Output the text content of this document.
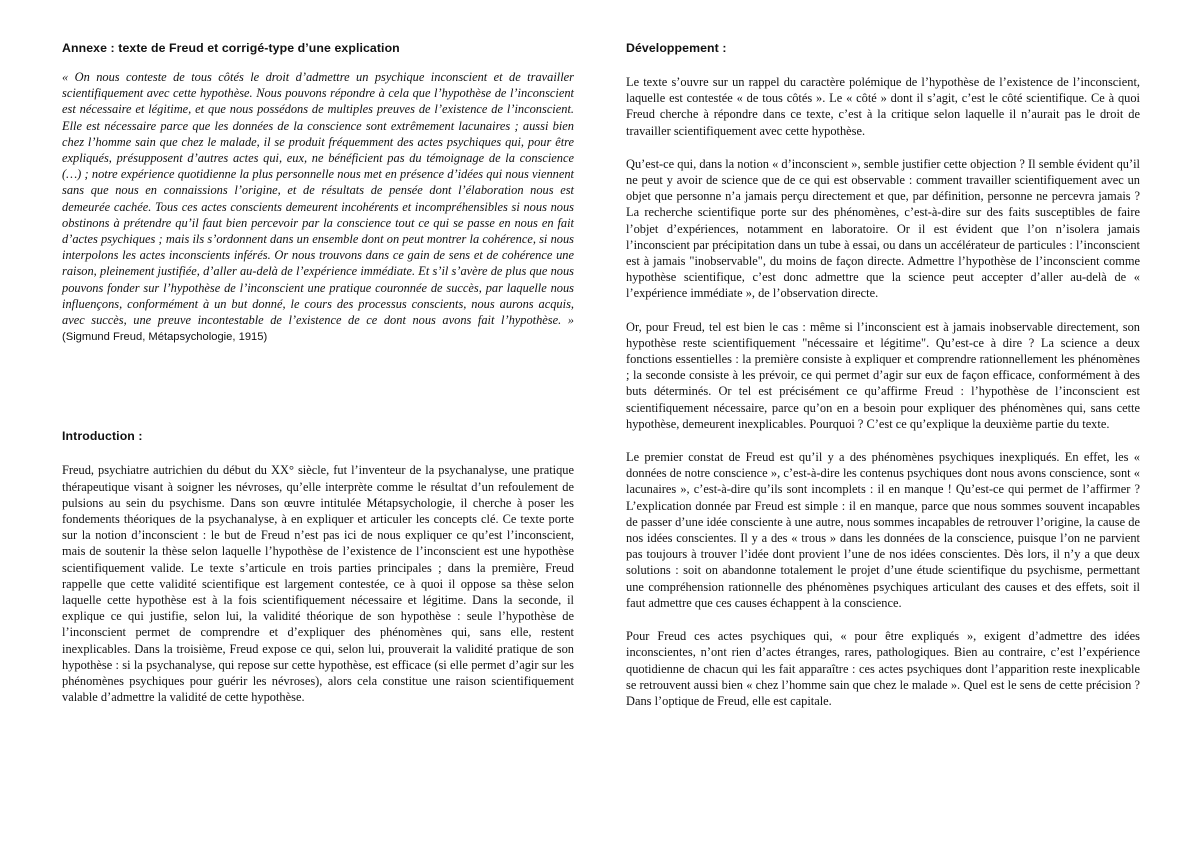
Annexe : texte de Freud et corrigé-type d’une explication

« On nous conteste de tous côtés le droit d’admettre un psychique inconscient et de travailler scientifiquement avec cette hypothèse. Nous pouvons répondre à cela que l’hypothèse de l’inconscient est nécessaire et légitime, et que nous possédons de multiples preuves de l’existence de l’inconscient. Elle est nécessaire parce que les données de la conscience sont extrêmement lacunaires ; aussi bien chez l’homme sain que chez le malade, il se produit fréquemment des actes psychiques qui, pour être expliqués, présupposent d’autres actes qui, eux, ne bénéficient pas du témoignage de la conscience (…) ; notre expérience quotidienne la plus personnelle nous met en présence d’idées qui nous viennent sans que nous en connaissions l’origine, et de résultats de pensée dont l’élaboration nous est demeurée cachée. Tous ces actes conscients demeurent incohérents et incompréhensibles si nous nous obstinons à prétendre qu’il faut bien percevoir par la conscience tout ce qui se passe en nous en fait d’actes psychiques ; mais ils s’ordonnent dans un ensemble dont on peut montrer la cohérence, si nous interpolons les actes inconscients inférés. Or nous trouvons dans ce gain de sens et de cohérence une raison, pleinement justifiée, d’aller au-delà de l’expérience immédiate. Et s’il s’avère de plus que nous pouvons fonder sur l’hypothèse de l’inconscient une pratique couronnée de succès, par laquelle nous influençons, conformément à un but donné, le cours des processus conscients, nous aurons acquis, avec succès, une preuve incontestable de l’existence de ce dont nous avons fait l’hypothèse. » (Sigmund Freud, Métapsychologie, 1915)

Introduction :

Freud, psychiatre autrichien du début du XX° siècle, fut l’inventeur de la psychanalyse, une pratique thérapeutique visant à soigner les névroses, qu’elle interprète comme le résultat d’un refoulement de pulsions au sein du psychisme. Dans son œuvre intitulée Métapsychologie, il cherche à poser les fondements théoriques de la psychanalyse, à en expliquer et articuler les concepts clé. Ce texte porte sur la notion d’inconscient : le but de Freud n’est pas ici de nous expliquer ce qu’est l’inconscient, mais de soutenir la thèse selon laquelle l’hypothèse de l’existence de l’inconscient est une hypothèse scientifiquement valide. Le texte s’articule en trois parties principales ; dans la première, Freud rappelle que cette validité scientifique est largement contestée, ce à quoi il oppose sa thèse selon laquelle cette hypothèse est à la fois scientifiquement nécessaire et légitime. Dans la seconde, il explique ce qui justifie, selon lui, la validité théorique de son hypothèse : seule l’hypothèse de l’inconscient permet de comprendre et d’expliquer des phénomènes qui, sans elle, restent inexplicables. Dans la troisième, Freud expose ce qui, selon lui, prouverait la validité pratique de son hypothèse : si la psychanalyse, qui repose sur cette hypothèse, est efficace (si elle permet d’agir sur les phénomènes psychiques pour guérir les névroses), alors cela constitue une raison scientifiquement valable d’admettre la validité de cette hypothèse.

Développement :

Le texte s’ouvre sur un rappel du caractère polémique de l’hypothèse de l’existence de l’inconscient, laquelle est contestée « de tous côtés ». Le « côté » dont il s’agit, c’est le côté scientifique. Ce à quoi Freud cherche à répondre dans ce texte, c’est à la critique selon laquelle il n’aurait pas le droit de travailler scientifiquement avec cette hypothèse.

Qu’est-ce qui, dans la notion « d’inconscient », semble justifier cette objection ? Il semble évident qu’il ne peut y avoir de science que de ce qui est observable : comment travailler scientifiquement avec un objet que personne n’a jamais perçu directement et que, par définition, personne ne percevra jamais ? La recherche scientifique porte sur des phénomènes, c’est-à-dire sur des faits susceptibles de faire l’objet d’expériences, notamment en laboratoire. Or il est évident que l’on n’isolera jamais l’inconscient par précipitation dans un tube à essai, ou dans un accélérateur de particules : l’inconscient est à jamais "inobservable", du moins de façon directe. Admettre l’hypothèse de l’inconscient comme hypothèse scientifique, c’est donc admettre que la science peut accepter d’aller au-delà de « l’expérience immédiate », de l’observation directe.

Or, pour Freud, tel est bien le cas : même si l’inconscient est à jamais inobservable directement, son hypothèse reste scientifiquement "nécessaire et légitime". Qu’est-ce à dire ? La science a deux fonctions essentielles : la première consiste à expliquer et comprendre rationnellement les phénomènes ; la seconde consiste à les prévoir, ce qui permet d’agir sur eux de façon efficace, conformément à des buts déterminés. Or tel est précisément ce qu’affirme Freud : l’hypothèse de l’inconscient est scientifiquement nécessaire, parce qu’on en a besoin pour expliquer des phénomènes qui, sans cette hypothèse, demeurent inexplicables. Pourquoi ? C’est ce qu’explique la deuxième partie du texte.

Le premier constat de Freud est qu’il y a des phénomènes psychiques inexpliqués. En effet, les « données de notre conscience », c’est-à-dire les contenus psychiques dont nous avons conscience, sont « lacunaires », c’est-à-dire qu’ils sont incomplets : il en manque ! Qu’est-ce qui permet de l’affirmer ? L’explication donnée par Freud est simple : il en manque, parce que nous sommes souvent incapables de passer d’une idée consciente à une autre, nous sommes incapables de retrouver l’origine, la cause de nos idées conscientes. Il y a des « trous » dans les données de la conscience, puisque l’on ne parvient pas toujours à trouver l’idée dont provient l’une de nos idées conscientes. Dès lors, il n’y a que deux solutions : soit on abandonne totalement le projet d’une étude scientifique du psychisme, permettant une compréhension rationnelle des phénomènes psychiques articulant des causes et des effets, soit il faut admettre que ces causes échappent à la conscience.

Pour Freud ces actes psychiques qui, « pour être expliqués », exigent d’admettre des idées inconscientes, n’ont rien d’actes étranges, rares, pathologiques. Bien au contraire, c’est l’expérience quotidienne de chacun qui les fait apparaître : ces actes psychiques dont l’apparition reste inexplicable se retrouvent aussi bien « chez l’homme sain que chez le malade ». Quel est le sens de cette précision ? Dans l’optique de Freud, elle est capitale.
